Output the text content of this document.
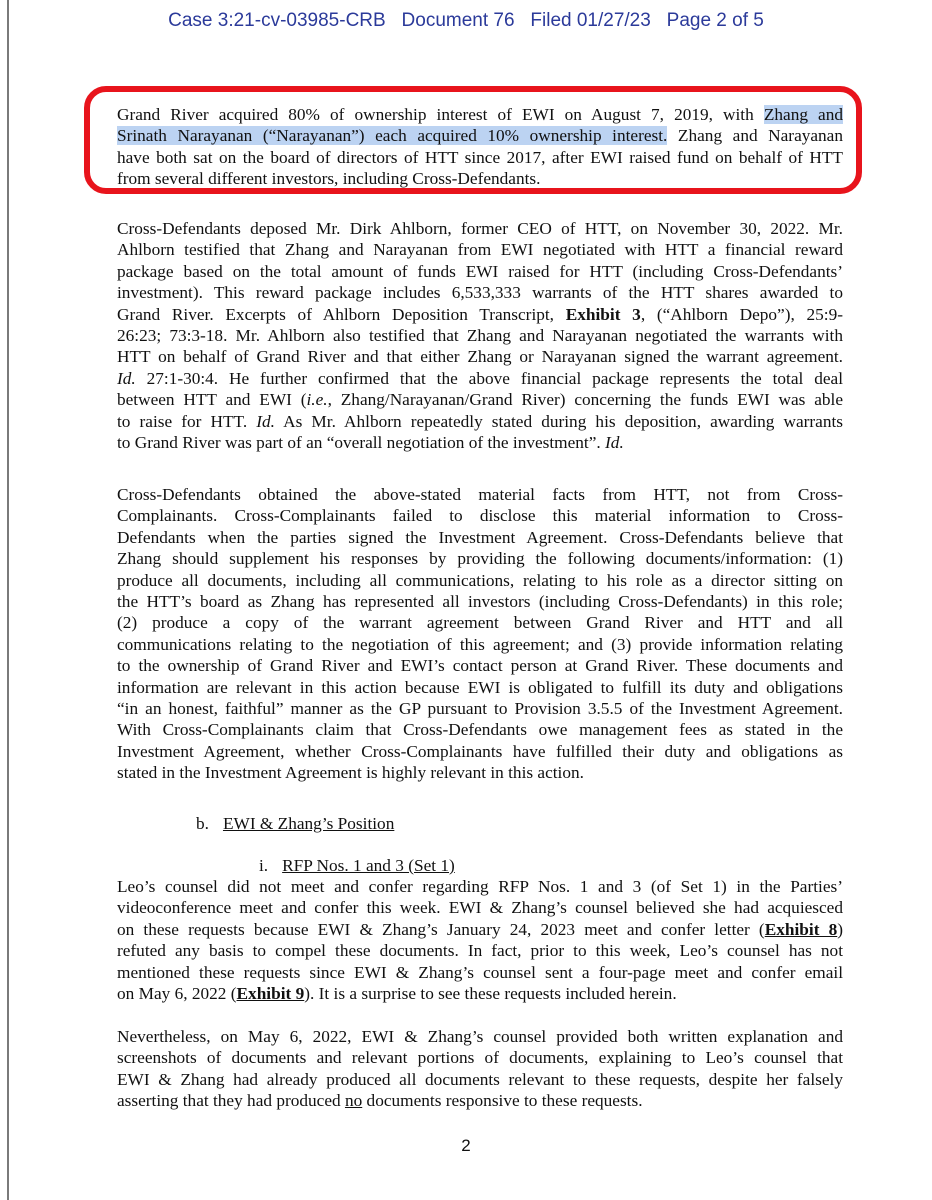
Case 3:21-cv-03985-CRB Document 76 Filed 01/27/23 Page 2 of 5
Grand River acquired 80% of ownership interest of EWI on August 7, 2019, with Zhang and
Srinath Narayanan (“Narayanan”) each acquired 10% ownership interest. Zhang and Narayanan
have both sat on the board of directors of HTT since 2017, after EWI raised fund on behalf of HTT
from several different investors, including Cross-Defendants.
Cross-Defendants deposed Mr. Dirk Ahlborn, former CEO of HTT, on November 30, 2022. Mr.
Ahlborn testified that Zhang and Narayanan from EWI negotiated with HTT a financial reward
package based on the total amount of funds EWI raised for HTT (including Cross-Defendants’
investment). This reward package includes 6,533,333 warrants of the HTT shares awarded to
Grand River. Excerpts of Ahlborn Deposition Transcript, Exhibit 3, (“Ahlborn Depo”), 25:9-
26:23; 73:3-18. Mr. Ahlborn also testified that Zhang and Narayanan negotiated the warrants with
HTT on behalf of Grand River and that either Zhang or Narayanan signed the warrant agreement.
Id. 27:1-30:4. He further confirmed that the above financial package represents the total deal
between HTT and EWI (i.e., Zhang/Narayanan/Grand River) concerning the funds EWI was able
to raise for HTT. Id. As Mr. Ahlborn repeatedly stated during his deposition, awarding warrants
to Grand River was part of an “overall negotiation of the investment”. Id.
Cross-Defendants obtained the above-stated material facts from HTT, not from Cross-
Complainants. Cross-Complainants failed to disclose this material information to Cross-
Defendants when the parties signed the Investment Agreement. Cross-Defendants believe that
Zhang should supplement his responses by providing the following documents/information: (1)
produce all documents, including all communications, relating to his role as a director sitting on
the HTT’s board as Zhang has represented all investors (including Cross-Defendants) in this role;
(2) produce a copy of the warrant agreement between Grand River and HTT and all
communications relating to the negotiation of this agreement; and (3) provide information relating
to the ownership of Grand River and EWI’s contact person at Grand River. These documents and
information are relevant in this action because EWI is obligated to fulfill its duty and obligations
“in an honest, faithful” manner as the GP pursuant to Provision 3.5.5 of the Investment Agreement.
With Cross-Complainants claim that Cross-Defendants owe management fees as stated in the
Investment Agreement, whether Cross-Complainants have fulfilled their duty and obligations as
stated in the Investment Agreement is highly relevant in this action.
b. EWI & Zhang’s Position
i. RFP Nos. 1 and 3 (Set 1)
Leo’s counsel did not meet and confer regarding RFP Nos. 1 and 3 (of Set 1) in the Parties’
videoconference meet and confer this week. EWI & Zhang’s counsel believed she had acquiesced
on these requests because EWI & Zhang’s January 24, 2023 meet and confer letter (Exhibit 8)
refuted any basis to compel these documents. In fact, prior to this week, Leo’s counsel has not
mentioned these requests since EWI & Zhang’s counsel sent a four-page meet and confer email
on May 6, 2022 (Exhibit 9). It is a surprise to see these requests included herein.
Nevertheless, on May 6, 2022, EWI & Zhang’s counsel provided both written explanation and
screenshots of documents and relevant portions of documents, explaining to Leo’s counsel that
EWI & Zhang had already produced all documents relevant to these requests, despite her falsely
asserting that they had produced no documents responsive to these requests.
2
